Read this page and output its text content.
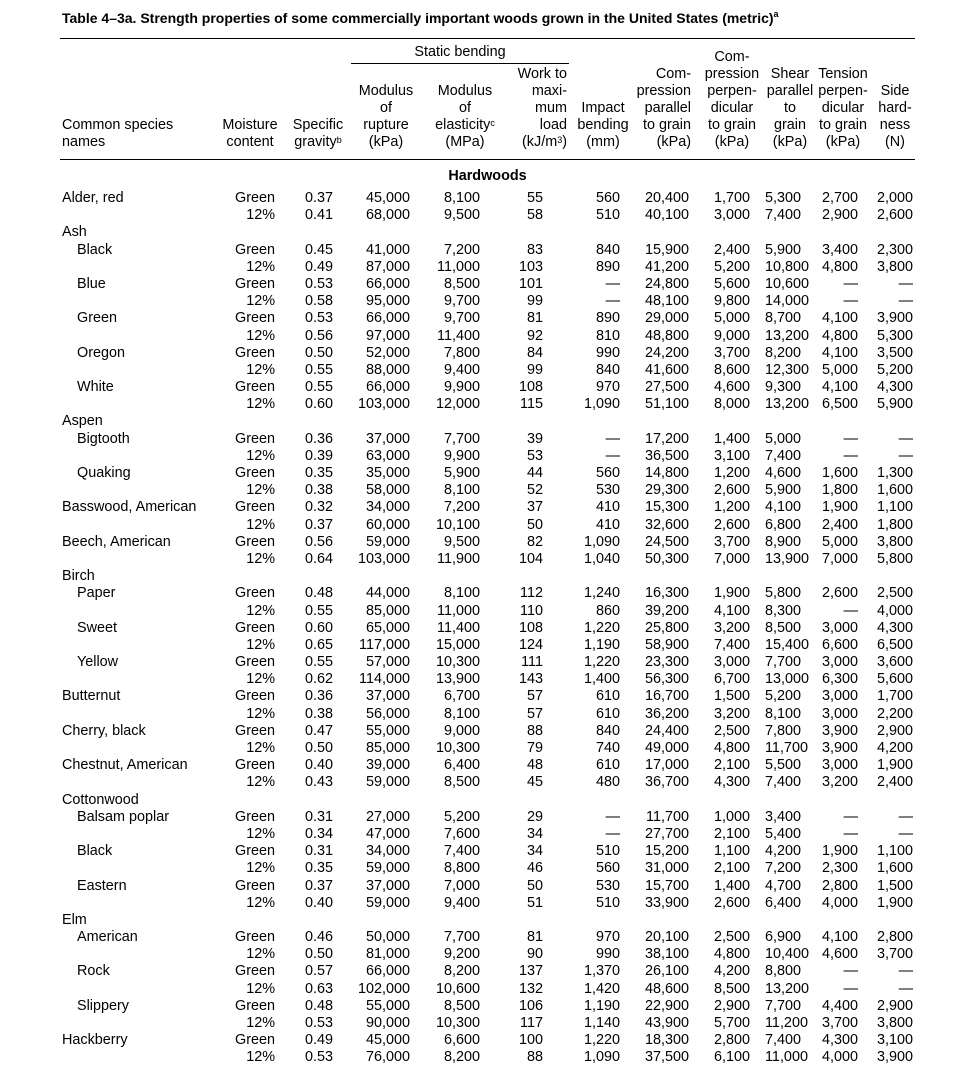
Table 4–3a. Strength properties of some commercially important woods grown in the United States (metric)$^a$
Static bending
Common species
names
Moisture
content
Specific
gravity$^b$
Modulus
of
rupture
(kPa)
Modulus
of
elasticity$^c$
(MPa)
Work to
maxi-
mum
load
$(kJ/m^3)$
Impact
bending
(mm)
Com-
pression
parallel
to grain
(kPa)
Com-
pression
perpen-
dicular
to grain
(kPa)
Shear
parallel
to
grain
(kPa)
Tension
perpen-
dicular
to grain
(kPa)
Side
hard-
ness
(N)
Hardwoods
Alder, red	Green	0.37	45,000	8,100	55	560	20,400	1,700 5,300	2,700	2,000
12%	0.41	68,000	9,500	58	510	40,100	3,000 7,400	2,900	2,600
Ash
Black	Green	0.45	41,000	7,200	83	840	15,900	2,400 5,900	3,400	2,300
12%	0.49	87,000	11,000	103	890	41,200	5,200 10,800 4,800	3,800
Blue	Green	0.53	66,000	8,500	101	—	24,800	5,600 10,600	—	—
12%	0.58	95,000	9,700	99	—	48,100	9,800 14,000	—	—
Green	Green	0.53	66,000	9,700	81	890	29,000	5,000 8,700	4,100	3,900
12%	0.56	97,000	11,400	92	810	48,800	9,000 13,200 4,800	5,300
Oregon	Green	0.50	52,000	7,800	84	990	24,200	3,700 8,200	4,100	3,500
12%	0.55	88,000	9,400	99	840	41,600	8,600 12,300 5,000	5,200
White	Green	0.55	66,000	9,900	108	970	27,500	4,600 9,300	4,100	4,300
12%	0.60	103,000	12,000	115	1,090	51,100	8,000 13,200 6,500	5,900
Aspen
Bigtooth	Green	0.36	37,000	7,700	39	—	17,200	1,400 5,000	—	—
12%	0.39	63,000	9,900	53	—	36,500	3,100 7,400	—	—
Quaking	Green	0.35	35,000	5,900	44	560	14,800	1,200 4,600	1,600	1,300
12%	0.38	58,000	8,100	52	530	29,300	2,600 5,900	1,800	1,600
Basswood, American	Green	0.32	34,000	7,200	37	410	15,300	1,200 4,100	1,900	1,100
12%	0.37	60,000	10,100	50	410	32,600	2,600 6,800	2,400	1,800
Beech, American	Green	0.56	59,000	9,500	82	1,090	24,500	3,700 8,900	5,000	3,800
12%	0.64	103,000	11,900	104	1,040	50,300	7,000 13,900 7,000	5,800
Birch
Paper	Green	0.48	44,000	8,100	112	1,240	16,300	1,900 5,800	2,600	2,500
12%	0.55	85,000	11,000	110	860	39,200	4,100 8,300	—	4,000
Sweet	Green	0.60	65,000	11,400	108	1,220	25,800	3,200 8,500	3,000	4,300
12%	0.65	117,000	15,000	124	1,190	58,900	7,400 15,400 6,600	6,500
Yellow	Green	0.55	57,000	10,300	111	1,220	23,300	3,000 7,700	3,000	3,600
12%	0.62	114,000	13,900	143	1,400	56,300	6,700 13,000 6,300	5,600
Butternut	Green	0.36	37,000	6,700	57	610	16,700	1,500 5,200	3,000	1,700
12%	0.38	56,000	8,100	57	610	36,200	3,200 8,100	3,000	2,200
Cherry, black	Green	0.47	55,000	9,000	88	840	24,400	2,500 7,800	3,900	2,900
12%	0.50	85,000	10,300	79	740	49,000	4,800 11,700 3,900	4,200
Chestnut, American	Green	0.40	39,000	6,400	48	610	17,000	2,100 5,500	3,000	1,900
12%	0.43	59,000	8,500	45	480	36,700	4,300 7,400	3,200	2,400
Cottonwood
Balsam poplar	Green	0.31	27,000	5,200	29	—	11,700	1,000 3,400	—	—
12%	0.34	47,000	7,600	34	—	27,700	2,100 5,400	—	—
Black	Green	0.31	34,000	7,400	34	510	15,200	1,100 4,200	1,900	1,100
12%	0.35	59,000	8,800	46	560	31,000	2,100 7,200	2,300	1,600
Eastern	Green	0.37	37,000	7,000	50	530	15,700	1,400 4,700	2,800	1,500
12%	0.40	59,000	9,400	51	510	33,900	2,600 6,400	4,000	1,900
Elm
American	Green	0.46	50,000	7,700	81	970	20,100	2,500 6,900	4,100	2,800
12%	0.50	81,000	9,200	90	990	38,100	4,800 10,400 4,600	3,700
Rock	Green	0.57	66,000	8,200	137	1,370	26,100	4,200 8,800	—	—
12%	0.63	102,000	10,600	132	1,420	48,600	8,500 13,200	—	—
Slippery	Green	0.48	55,000	8,500	106	1,190	22,900	2,900 7,700	4,400	2,900
12%	0.53	90,000	10,300	117	1,140	43,900	5,700 11,200 3,700	3,800
Hackberry	Green	0.49	45,000	6,600	100	1,220	18,300	2,800 7,400	4,300	3,100
12%	0.53	76,000	8,200	88	1,090	37,500	6,100 11,000 4,000	3,900
